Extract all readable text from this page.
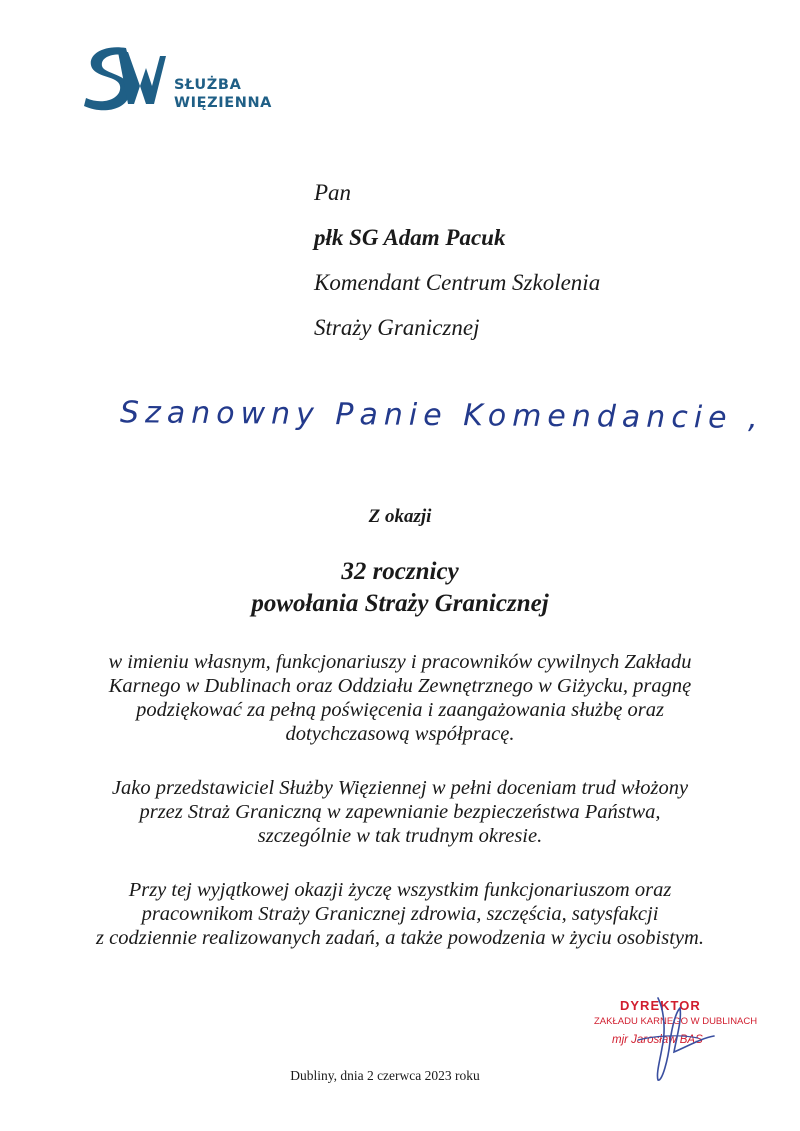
SŁUŻBA
WIĘZIENNA
Pan
płk SG Adam Pacuk
Komendant Centrum Szkolenia
Straży Granicznej
Szanowny Panie Komendancie ,
Z okazji
32 rocznicy
powołania Straży Granicznej
w imieniu własnym, funkcjonariuszy i pracowników cywilnych Zakładu
Karnego w Dublinach oraz Oddziału Zewnętrznego w Giżycku, pragnę
podziękować za pełną poświęcenia i zaangażowania służbę oraz
dotychczasową współpracę.
Jako przedstawiciel Służby Więziennej w pełni doceniam trud włożony
przez Straż Graniczną w zapewnianie bezpieczeństwa Państwa,
szczególnie w tak trudnym okresie.
Przy tej wyjątkowej okazji życzę wszystkim funkcjonariuszom oraz
pracownikom Straży Granicznej zdrowia, szczęścia, satysfakcji
z codziennie realizowanych zadań, a także powodzenia w życiu osobistym.
DYREKTOR
ZAKŁADU KARNEGO W DUBLINACH
mjr Jarosław BAS
Dubliny, dnia 2 czerwca 2023 roku
